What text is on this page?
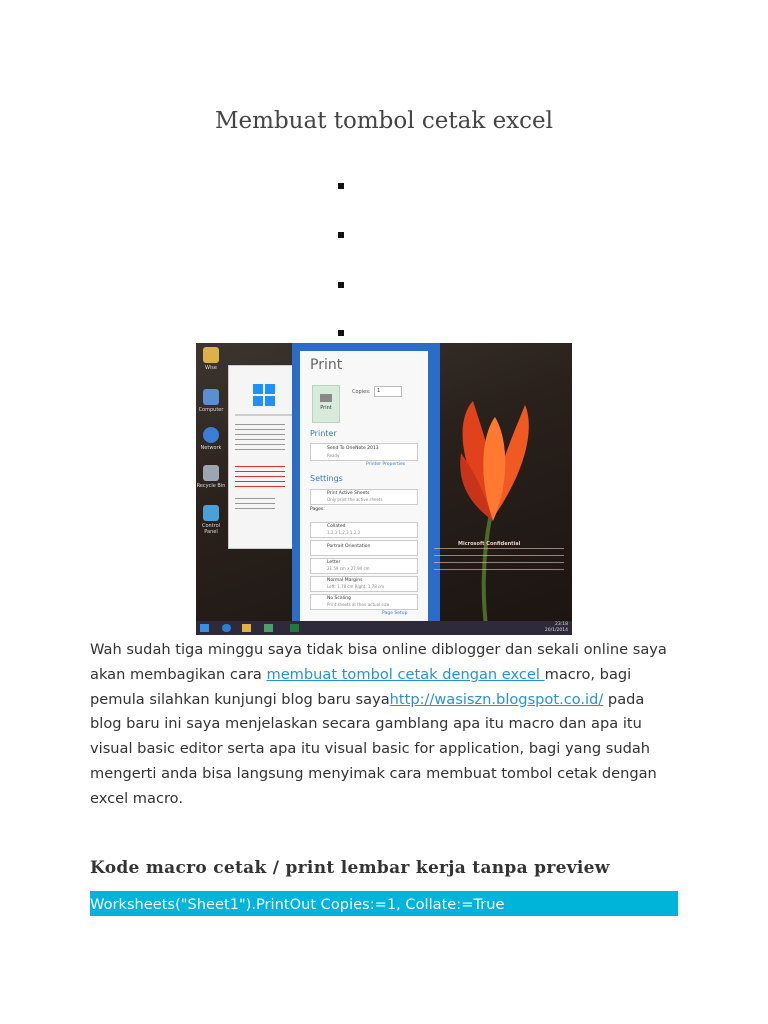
Membuat tombol cetak excel
Wise
Computer
Network
Recycle Bin
Control Panel
Print
Print
Copies:	1
Printer
Send To OneNote 2013
Ready
Printer Properties
Settings
Print Active Sheets
Only print the active sheets
Pages:
Collated
1,2,3 1,2,3 1,2,3
Portrait Orientation
Letter
21.59 cm x 27.94 cm
Normal Margins
Left: 1.78 cm Right: 1.78 cm
No Scaling
Print sheets at their actual size
Page Setup
Microsoft Confidential
23:18
20/1/2014
Wah sudah tiga minggu saya tidak bisa online diblogger dan sekali online saya akan membagikan cara membuat tombol cetak dengan excel macro, bagi pemula silahkan kunjungi blog baru sayahttp://wasiszn.blogspot.co.id/ pada blog baru ini saya menjelaskan secara gamblang apa itu macro dan apa itu visual basic editor serta apa itu visual basic for application, bagi yang sudah mengerti anda bisa langsung menyimak cara membuat tombol cetak dengan excel macro.
Kode macro cetak / print lembar kerja tanpa preview
Worksheets("Sheet1").PrintOut Copies:=1, Collate:=True
